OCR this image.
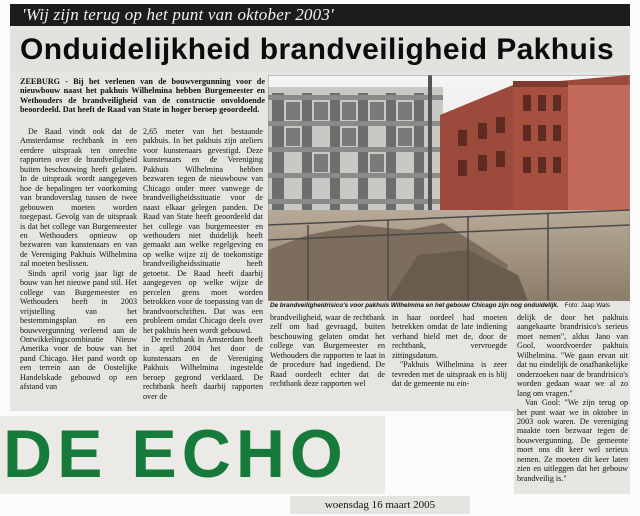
'Wij zijn terug op het punt van oktober 2003'
Onduidelijkheid brandveiligheid Pakhuis
ZEEBURG - Bij het verlenen van de bouwvergunning voor de nieuwbouw naast het pakhuis Wilhelmina hebben Burgemeester en Wethouders de brandveiligheid van de constructie onvoldoende beoordeeld. Dat heeft de Raad van State in hoger beroep geoordeeld.

De Raad vindt ook dat de Amsterdamse rechtbank in een eerdere uitspraak ten onrechte rapporten over de brandveiligheid buiten beschouwing heeft gelaten. In de uitspraak wordt aangegeven hoe de bepalingen ter voorkoming van brandoverslag tussen de twee gebouwen moeten worden toegepast. Gevolg van de uitspraak is dat het college van Burgemeester en Wethouders opnieuw op bezwaren van kunstenaars en van de Vereniging Pakhuis Wilhelmina zal moeten beslissen.

Sinds april vorig jaar ligt de bouw van het nieuwe pand stil. Het college van Burgemeester en Wethouders heeft in 2003 vrijstelling van het bestemmingsplan en een bouwvergunning verleend aan de Ontwikkelingscombinatie Nieuw Amerika voor de bouw van het pand Chicago. Het pand wordt op een terrein aan de Oostelijke Handelskade gebouwd op een afstand van

2,65 meter van het bestaande pakhuis. In het pakhuis zijn ateliers voor kunstenaars gevestigd. Deze kunstenaars en de Vereniging Pakhuis Wilhelmina hebben bezwaren tegen de nieuwbouw van Chicago onder meer vanwege de brandveiligheidssituatie voor de naast elkaar gelegen panden. De Raad van State heeft geoordeeld dat het college van burgemeester en wethouders niet duidelijk heeft gemaakt aan welke regelgeving en op welke wijze zij de toekomstige brandveiligheidssituatie heeft getoetst. De Raad heeft daarbij aangegeven op welke wijze de percelen grens moet worden betrokken voor de toepassing van de brandvoorschriften. Dat was een probleem omdat Chicago deels over het pakhuis heen wordt gebouwd.

De rechtbank in Amsterdam heeft in april 2004 het door de kunstenaars en de Vereniging Pakhuis Wilhelmina ingestelde beroep gegrond verklaard. De rechtbank heeft daarbij rapporten over de

De brandveiligheidrisico's voor pakhuis Wilhelmina en het gebouw Chicago zijn nog onduidelijk. Foto: Jaap Wals

brandveiligheid, waar de rechtbank zelf om had gevraagd, buiten beschouwing gelaten omdat het college van Burgemeester en Wethouders die rapporten te laat in de procedure had ingediend. De Raad oordeelt echter dat de rechtbank deze rapporten wel

in haar oordeel had moeten betrekken omdat de late indiening verband hield met de, door de rechtbank, vervroegde zittingsdatum.

"Pakhuis Wilhelmina is zeer tevreden met de uitspraak en is blij dat de gemeente nu ein-

delijk de door het pakhuis aangekaarte brandrisico's serieus moet nemen", aldus Jano van Gool, woordvoerder pakhuis Wilhelmina. "We gaan ervan uit dat nu eindelijk de onafhankelijke onderzoeken naar de brandrisico's worden gedaan waar we al zo lang om vragen."

Van Gool: "We zijn terug op het punt waar we in oktober in 2003 ook waren. De vereniging maakte toen bezwaar tegen de bouwvergunning. De gemeente moet ons dit keer wel serieus nemen. Ze moeten dit keer laten zien en uitleggen dat het gebouw brandveilig is."

DE ECHO
woensdag 16 maart 2005
